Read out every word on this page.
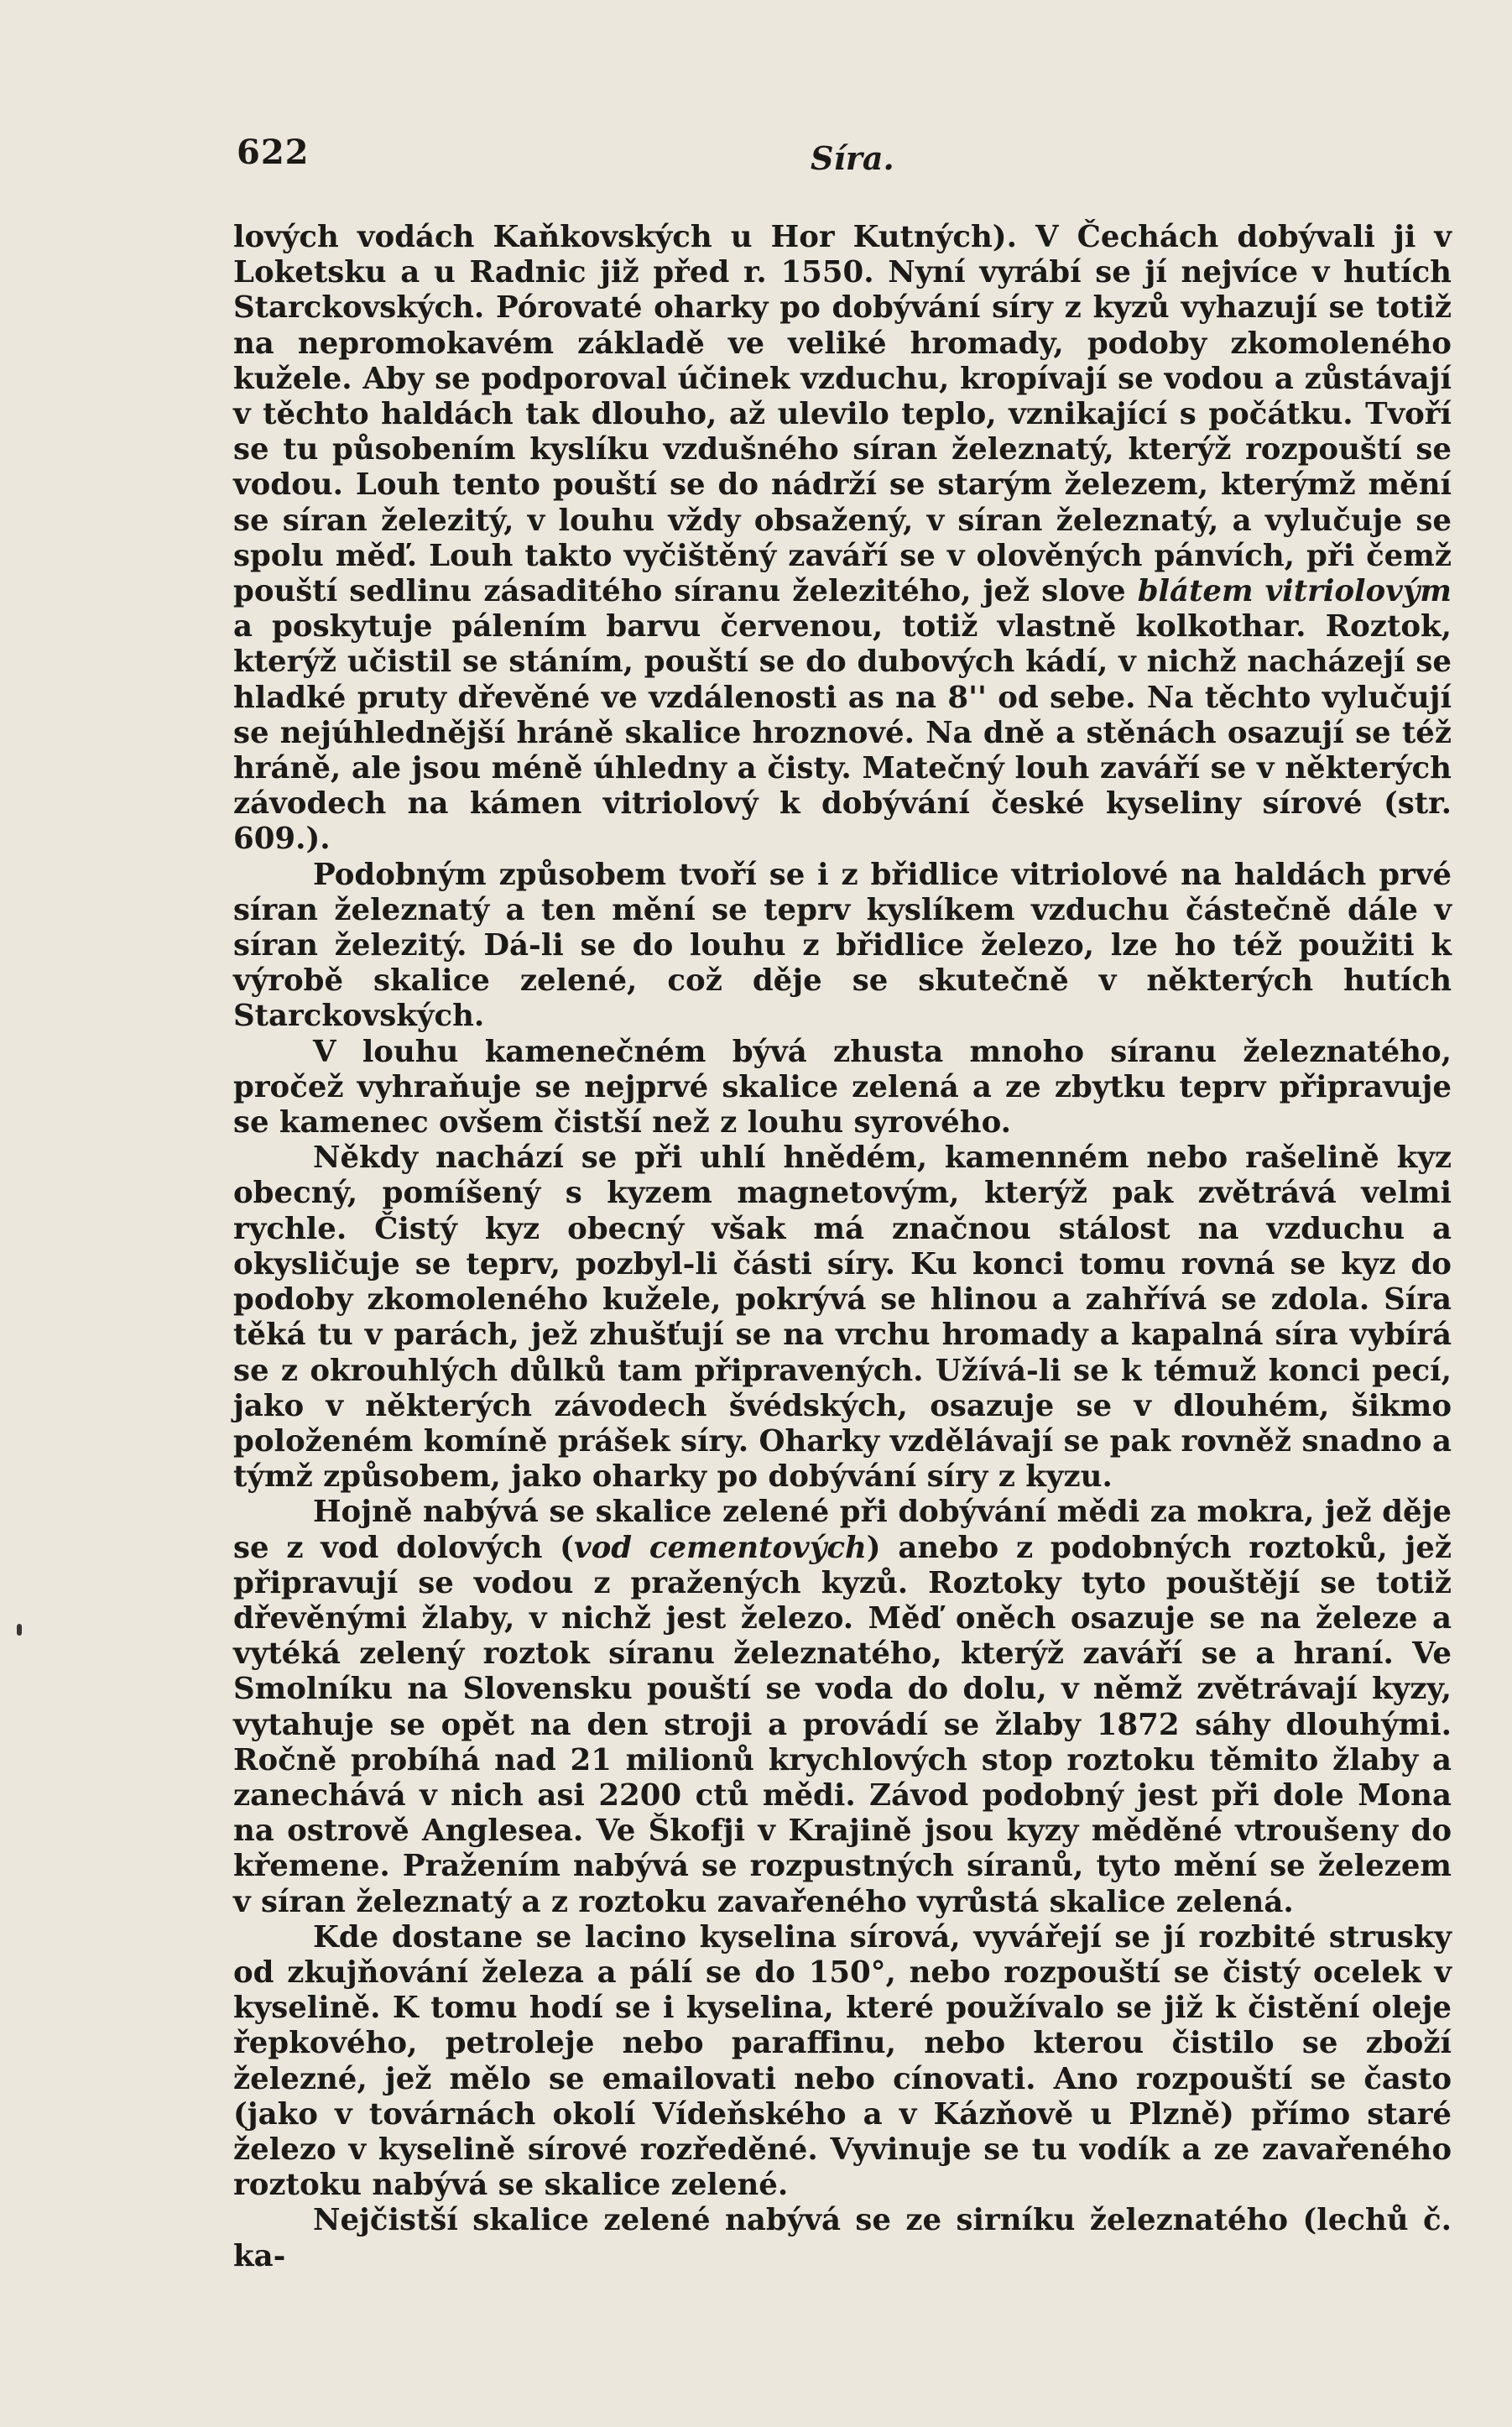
622	Síra.

lových vodách Kaňkovských u Hor Kutných). V Čechách dobývali ji v Loketsku a u Radnic již před r. 1550. Nyní vyrábí se jí nejvíce v hutích Starckovských. Pórovaté oharky po dobývání síry z kyzů vyhazují se totiž na nepromokavém základě ve veliké hromady, podoby zkomoleného kužele. Aby se podporoval účinek vzduchu, kropívají se vodou a zůstávají v těchto haldách tak dlouho, až ulevilo teplo, vznikající s počátku. Tvoří se tu působením kyslíku vzdušného síran železnatý, kterýž rozpouští se vodou. Louh tento pouští se do nádrží se starým železem, kterýmž mění se síran železitý, v louhu vždy obsažený, v síran železnatý, a vylučuje se spolu měď. Louh takto vyčištěný zaváří se v olověných pánvích, při čemž pouští sedlinu zásaditého síranu železitého, jež slove blátem vitriolovým a poskytuje pálením barvu červenou, totiž vlastně kolkothar. Roztok, kterýž učistil se stáním, pouští se do dubových kádí, v nichž nacházejí se hladké pruty dřevěné ve vzdálenosti as na 8'' od sebe. Na těchto vylučují se nejúhlednější hráně skalice hroznové. Na dně a stěnách osazují se též hráně, ale jsou méně úhledny a čisty. Matečný louh zaváří se v některých závodech na kámen vitriolový k dobývání české kyseliny sírové (str. 609.).

Podobným způsobem tvoří se i z břidlice vitriolové na haldách prvé síran železnatý a ten mění se teprv kyslíkem vzduchu částečně dále v síran železitý. Dá-li se do louhu z břidlice železo, lze ho též použiti k výrobě skalice zelené, což děje se skutečně v některých hutích Starckovských.

V louhu kamenečném bývá zhusta mnoho síranu železnatého, pročež vyhraňuje se nejprvé skalice zelená a ze zbytku teprv připravuje se kamenec ovšem čistší než z louhu syrového.

Někdy nachází se při uhlí hnědém, kamenném nebo rašelině kyz obecný, pomíšený s kyzem magnetovým, kterýž pak zvětrává velmi rychle. Čistý kyz obecný však má značnou stálost na vzduchu a okysličuje se teprv, pozbyl-li části síry. Ku konci tomu rovná se kyz do podoby zkomoleného kužele, pokrývá se hlinou a zahřívá se zdola. Síra těká tu v parách, jež zhušťují se na vrchu hromady a kapalná síra vybírá se z okrouhlých důlků tam připravených. Užívá-li se k témuž konci pecí, jako v některých závodech švédských, osazuje se v dlouhém, šikmo položeném komíně prášek síry. Oharky vzdělávají se pak rovněž snadno a týmž způsobem, jako oharky po dobývání síry z kyzu.

Hojně nabývá se skalice zelené při dobývání mědi za mokra, jež děje se z vod dolových (vod cementových) anebo z podobných roztoků, jež připravují se vodou z pražených kyzů. Roztoky tyto pouštějí se totiž dřevěnými žlaby, v nichž jest železo. Měď oněch osazuje se na železe a vytéká zelený roztok síranu železnatého, kterýž zaváří se a hraní. Ve Smolníku na Slovensku pouští se voda do dolu, v němž zvětrávají kyzy, vytahuje se opět na den stroji a provádí se žlaby 1872 sáhy dlouhými. Ročně probíhá nad 21 milionů krychlových stop roztoku těmito žlaby a zanechává v nich asi 2200 ctů mědi. Závod podobný jest při dole Mona na ostrově Anglesea. Ve Škofji v Krajině jsou kyzy měděné vtroušeny do křemene. Pražením nabývá se rozpustných síranů, tyto mění se železem v síran železnatý a z roztoku zavařeného vyrůstá skalice zelená.

Kde dostane se lacino kyselina sírová, vyvářejí se jí rozbité strusky od zkujňování železa a pálí se do 150°, nebo rozpouští se čistý ocelek v kyselině. K tomu hodí se i kyselina, které používalo se již k čistění oleje řepkového, petroleje nebo paraffinu, nebo kterou čistilo se zboží železné, jež mělo se emailovati nebo cínovati. Ano rozpouští se často (jako v továrnách okolí Vídeňského a v Kázňově u Plzně) přímo staré železo v kyselině sírové rozředěné. Vyvinuje se tu vodík a ze zavařeného roztoku nabývá se skalice zelené.

Nejčistší skalice zelené nabývá se ze sirníku železnatého (lechů č. ka-
